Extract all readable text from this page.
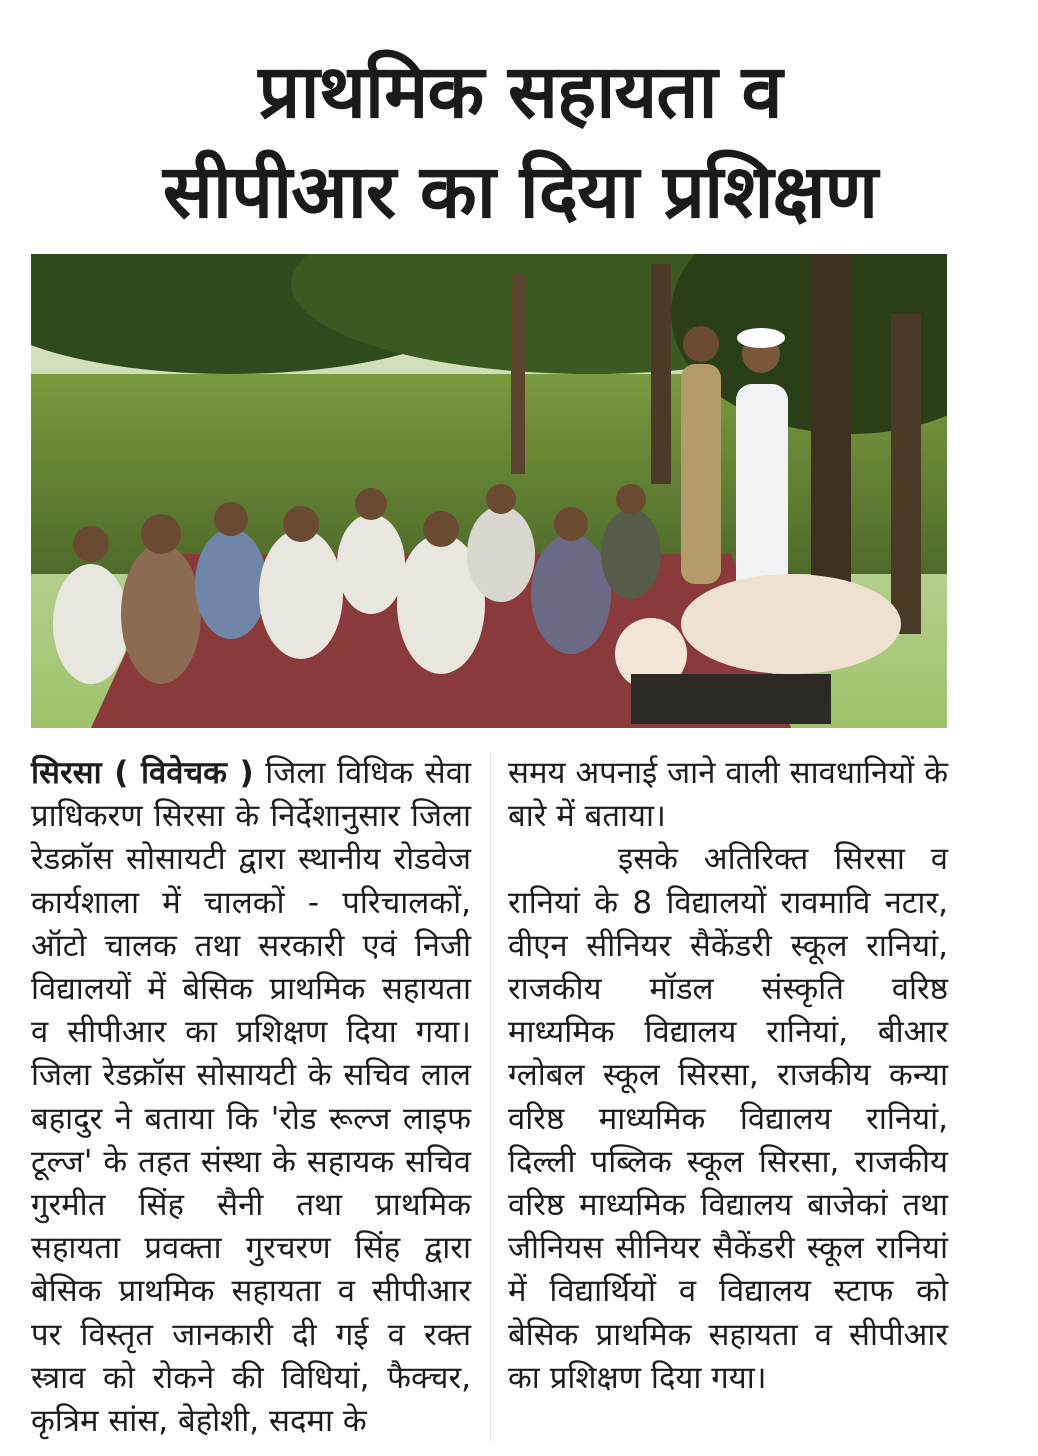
प्राथमिक सहायता व
सीपीआर का दिया प्रशिक्षण

सिरसा ( विवेचक ) जिला विधिक सेवा प्राधिकरण सिरसा के निर्देशानुसार जिला रेडक्रॉस सोसायटी द्वारा स्थानीय रोडवेज कार्यशाला में चालकों - परिचालकों, ऑटो चालक तथा सरकारी एवं निजी विद्यालयों में बेसिक प्राथमिक सहायता व सीपीआर का प्रशिक्षण दिया गया। जिला रेडक्रॉस सोसायटी के सचिव लाल बहादुर ने बताया कि 'रोड रूल्ज लाइफ टूल्ज' के तहत संस्था के सहायक सचिव गुरमीत सिंह सैनी तथा प्राथमिक सहायता प्रवक्ता गुरचरण सिंह द्वारा बेसिक प्राथमिक सहायता व सीपीआर पर विस्तृत जानकारी दी गई व रक्त स्त्राव को रोकने की विधियां, फैक्चर, कृत्रिम सांस, बेहोशी, सदमा के

समय अपनाई जाने वाली सावधानियों के बारे में बताया।

इसके अतिरिक्त सिरसा व रानियां के 8 विद्यालयों रावमावि नटार, वीएन सीनियर सैकेंडरी स्कूल रानियां, राजकीय मॉडल संस्कृति वरिष्ठ माध्यमिक विद्यालय रानियां, बीआर ग्लोबल स्कूल सिरसा, राजकीय कन्या वरिष्ठ माध्यमिक विद्यालय रानियां, दिल्ली पब्लिक स्कूल सिरसा, राजकीय वरिष्ठ माध्यमिक विद्यालय बाजेकां तथा जीनियस सीनियर सैकेंडरी स्कूल रानियां में विद्यार्थियों व विद्यालय स्टाफ को बेसिक प्राथमिक सहायता व सीपीआर का प्रशिक्षण दिया गया।
